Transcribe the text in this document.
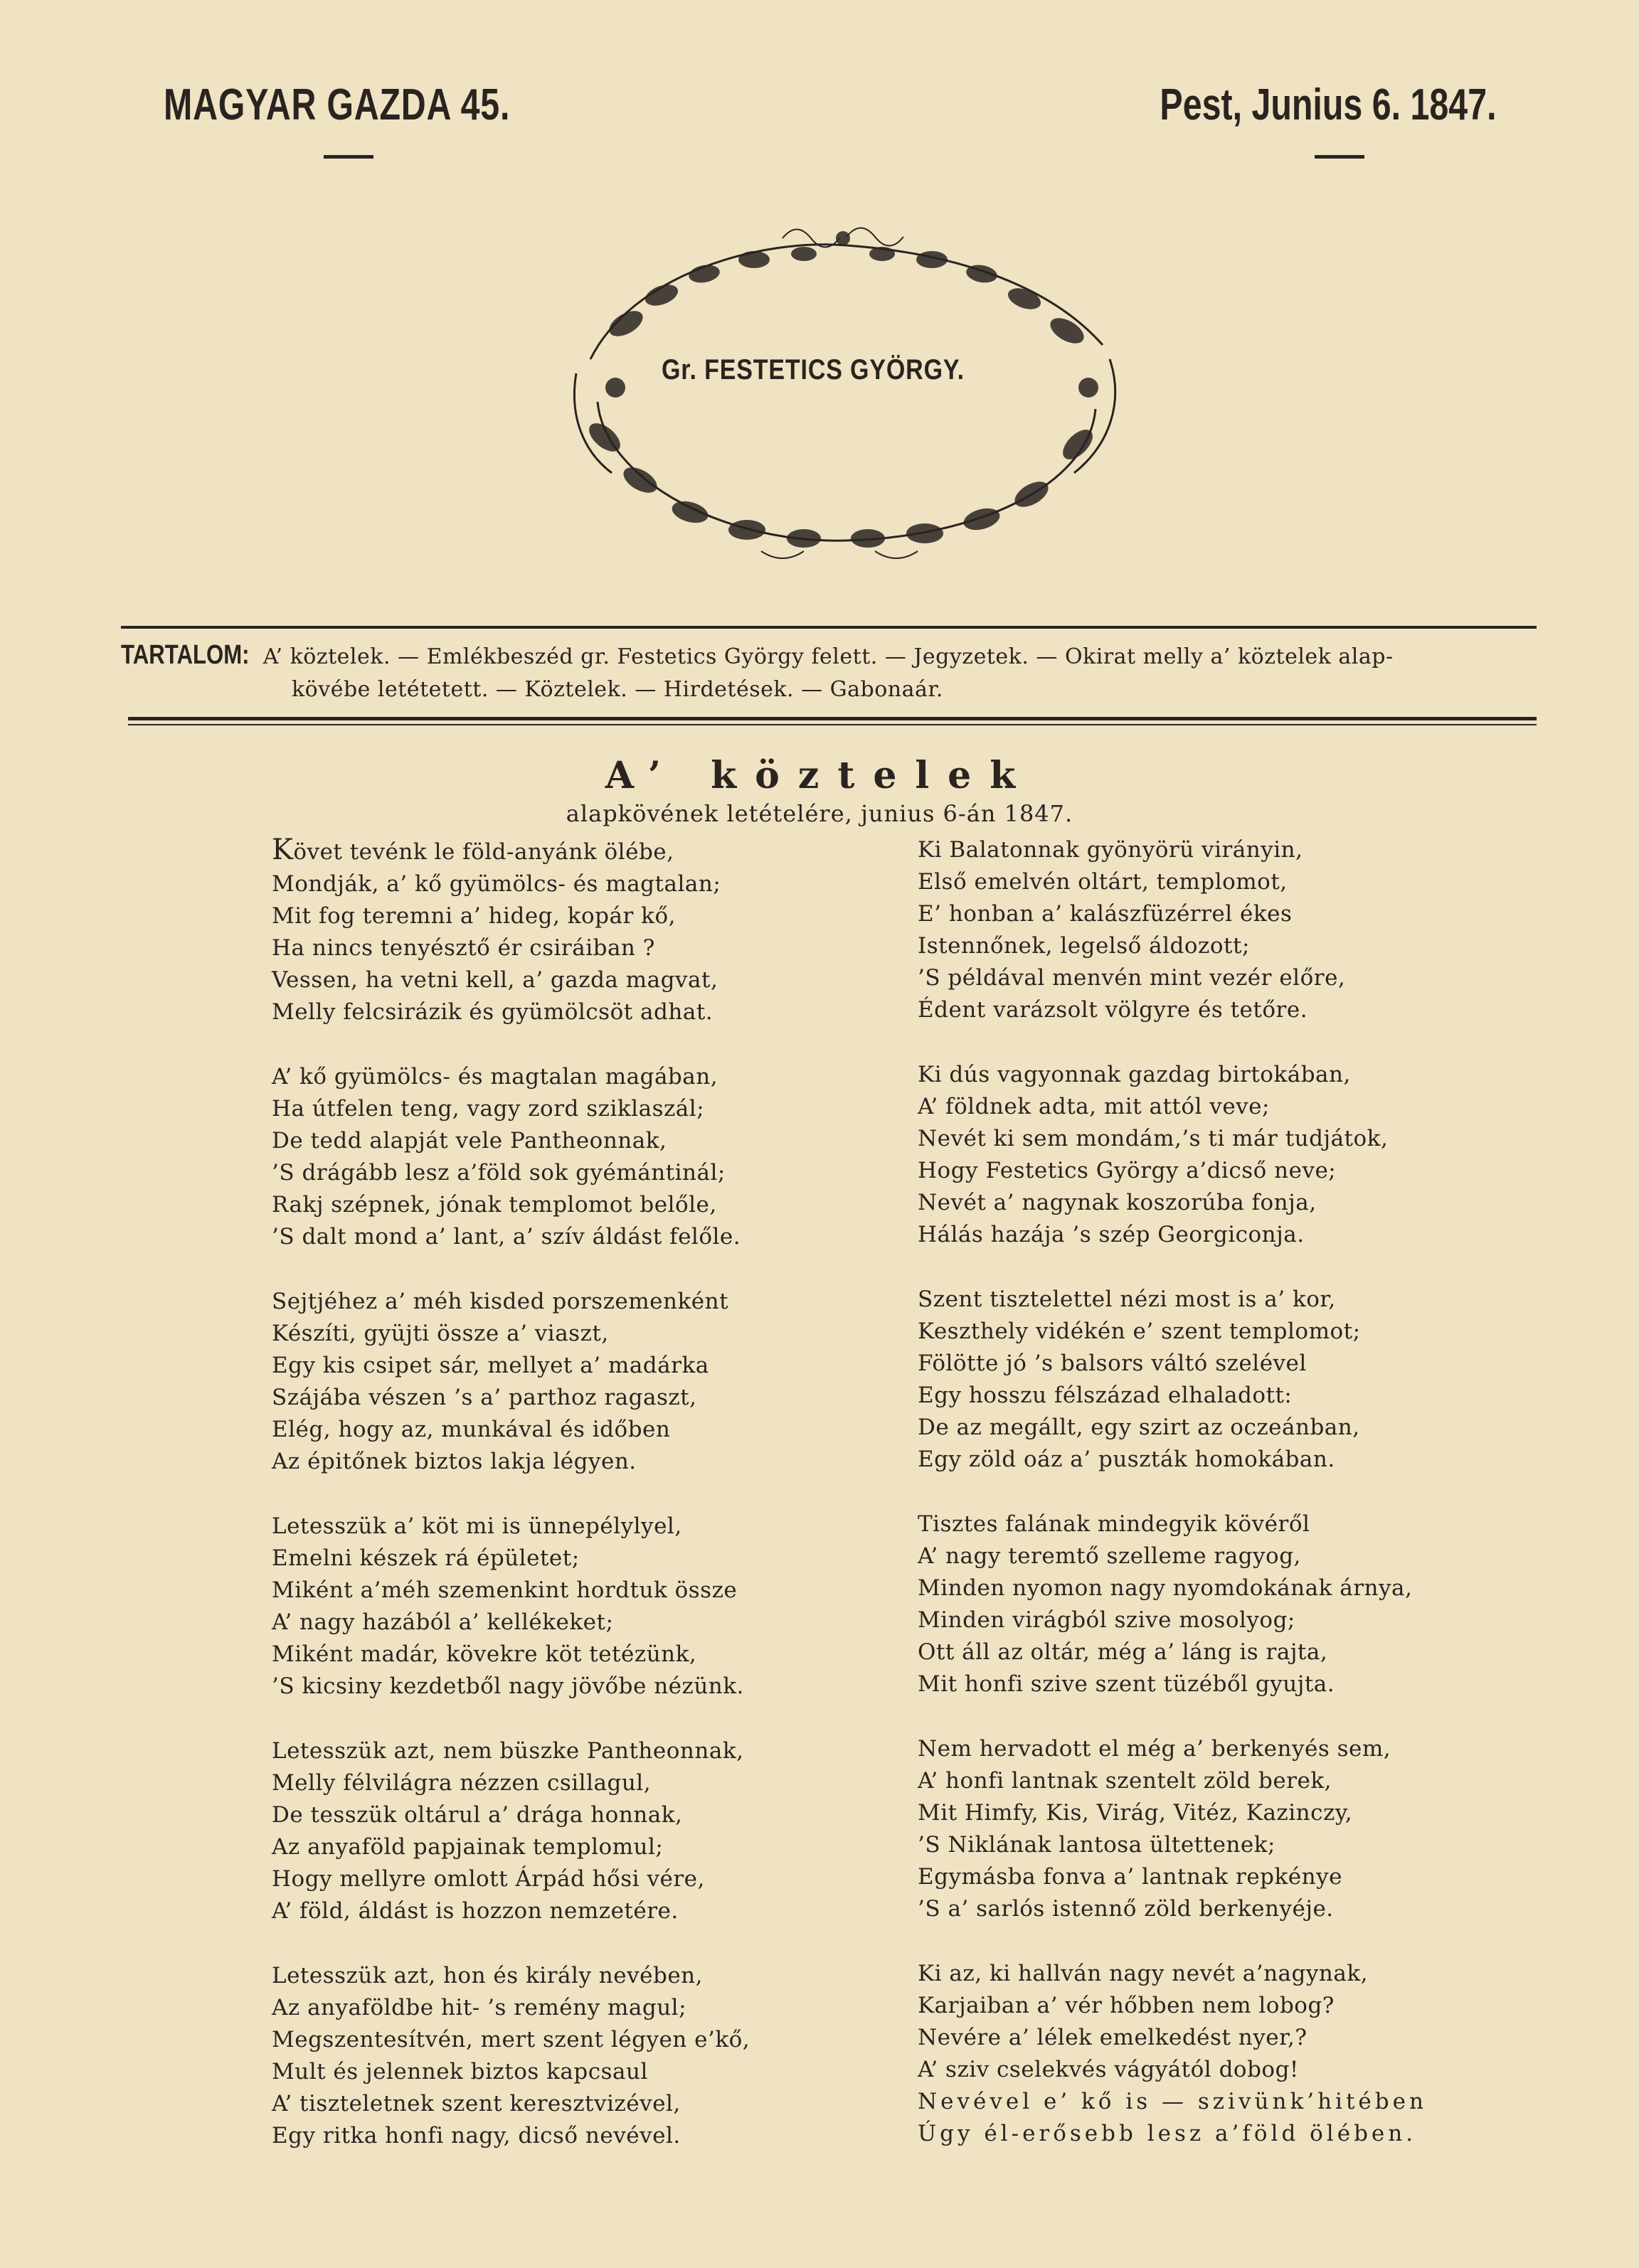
MAGYAR GAZDA 45.	Pest, Junius 6. 1847.
Gr. FESTETICS GYÖRGY.
TARTALOM: A’ köztelek. — Emlékbeszéd gr. Festetics György felett. — Jegyzetek. — Okirat melly a’ köztelek alap-
kövébe letétetett. — Köztelek. — Hirdetések. — Gabonaár.
A’ köztelek
alapkövének letételére, junius 6-án 1847.
Követ tevénk le föld-anyánk ölébe,
Mondják, a’ kő gyümölcs- és magtalan;
Mit fog teremni a’ hideg, kopár kő,
Ha nincs tenyésztő ér csiráiban ?
Vessen, ha vetni kell, a’ gazda magvat,
Melly felcsirázik és gyümölcsöt adhat.
A’ kő gyümölcs- és magtalan magában,
Ha útfelen teng, vagy zord sziklaszál;
De tedd alapját vele Pantheonnak,
’S drágább lesz a’föld sok gyémántinál;
Rakj szépnek, jónak templomot belőle,
’S dalt mond a’ lant, a’ szív áldást felőle.
Sejtjéhez a’ méh kisded porszemenként
Készíti, gyüjti össze a’ viaszt,
Egy kis csipet sár, mellyet a’ madárka
Szájába vészen ’s a’ parthoz ragaszt,
Elég, hogy az, munkával és időben
Az épitőnek biztos lakja légyen.
Letesszük a’ köt mi is ünnepélylyel,
Emelni készek rá épületet;
Miként a’méh szemenkint hordtuk össze
A’ nagy hazából a’ kellékeket;
Miként madár, kövekre köt tetézünk,
’S kicsiny kezdetből nagy jövőbe nézünk.
Letesszük azt, nem büszke Pantheonnak,
Melly félvilágra nézzen csillagul,
De tesszük oltárul a’ drága honnak,
Az anyaföld papjainak templomul;
Hogy mellyre omlott Árpád hősi vére,
A’ föld, áldást is hozzon nemzetére.
Letesszük azt, hon és király nevében,
Az anyaföldbe hit- ’s remény magul;
Megszentesítvén, mert szent légyen e’kő,
Mult és jelennek biztos kapcsaul
A’ tiszteletnek szent keresztvizével,
Egy ritka honfi nagy, dicső nevével.
Ki Balatonnak gyönyörü virányin,
Első emelvén oltárt, templomot,
E’ honban a’ kalászfüzérrel ékes
Istennőnek, legelső áldozott;
’S példával menvén mint vezér előre,
Édent varázsolt völgyre és tetőre.
Ki dús vagyonnak gazdag birtokában,
A’ földnek adta, mit attól veve;
Nevét ki sem mondám,’s ti már tudjátok,
Hogy Festetics György a’dicső neve;
Nevét a’ nagynak koszorúba fonja,
Hálás hazája ’s szép Georgiconja.
Szent tisztelettel nézi most is a’ kor,
Keszthely vidékén e’ szent templomot;
Fölötte jó ’s balsors váltó szelével
Egy hosszu félszázad elhaladott:
De az megállt, egy szirt az oczeánban,
Egy zöld oáz a’ puszták homokában.
Tisztes falának mindegyik kövéről
A’ nagy teremtő szelleme ragyog,
Minden nyomon nagy nyomdokának árnya,
Minden virágból szive mosolyog;
Ott áll az oltár, még a’ láng is rajta,
Mit honfi szive szent tüzéből gyujta.
Nem hervadott el még a’ berkenyés sem,
A’ honfi lantnak szentelt zöld berek,
Mit Himfy, Kis, Virág, Vitéz, Kazinczy,
’S Niklának lantosa ültettenek;
Egymásba fonva a’ lantnak repkénye
’S a’ sarlós istennő zöld berkenyéje.
Ki az, ki hallván nagy nevét a’nagynak,
Karjaiban a’ vér hőbben nem lobog?
Nevére a’ lélek emelkedést nyer,?
A’ sziv cselekvés vágyától dobog!
Nevével e’ kő is — szivünk’hitében
Úgy él-erősebb lesz a’föld ölében.
